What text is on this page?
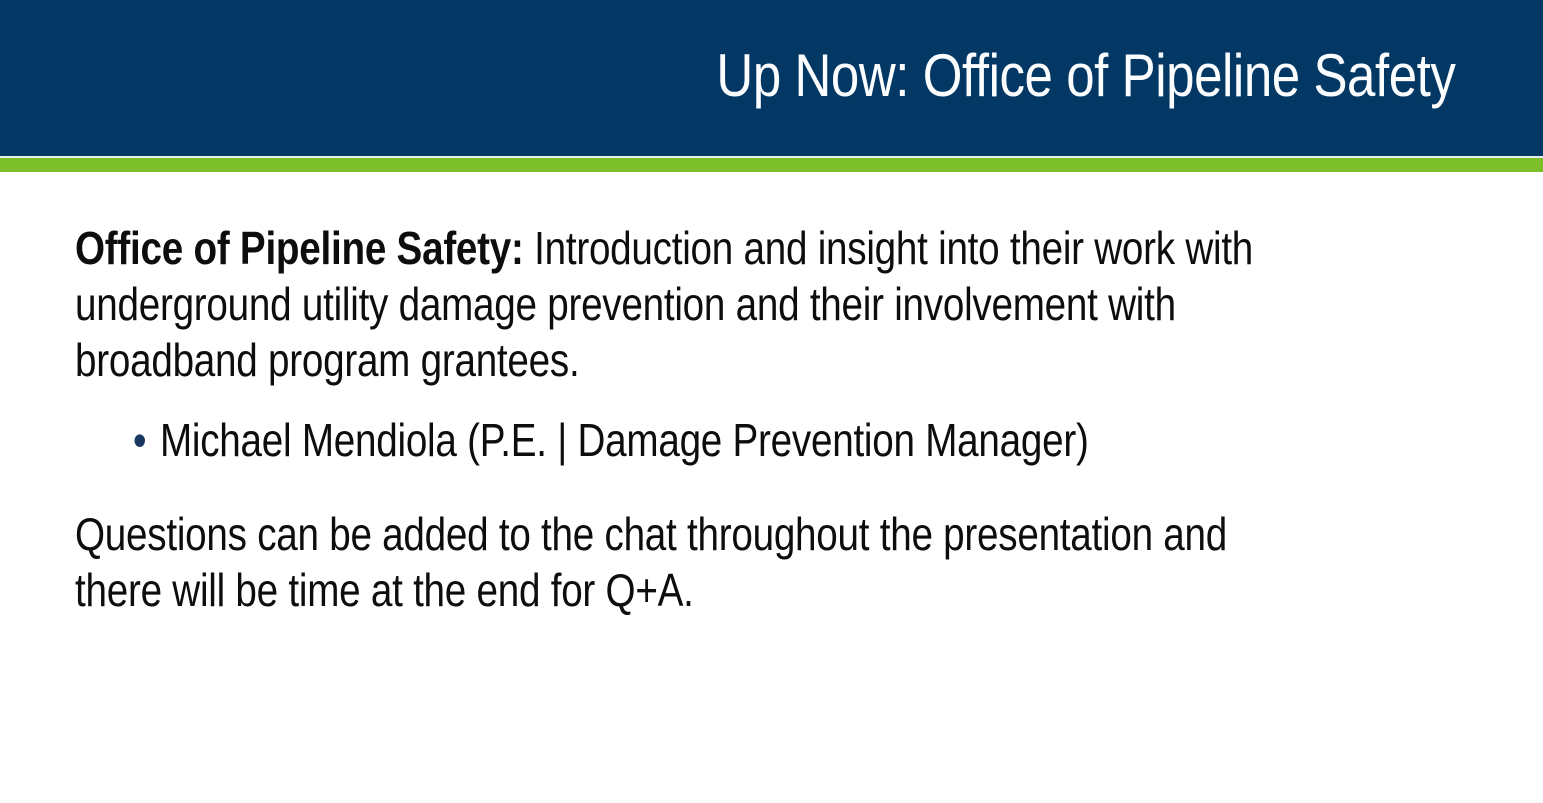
Up Now: Office of Pipeline Safety
Office of Pipeline Safety: Introduction and insight into their work with
underground utility damage prevention and their involvement with
broadband program grantees.
• Michael Mendiola (P.E. | Damage Prevention Manager)
Questions can be added to the chat throughout the presentation and
there will be time at the end for Q+A.
